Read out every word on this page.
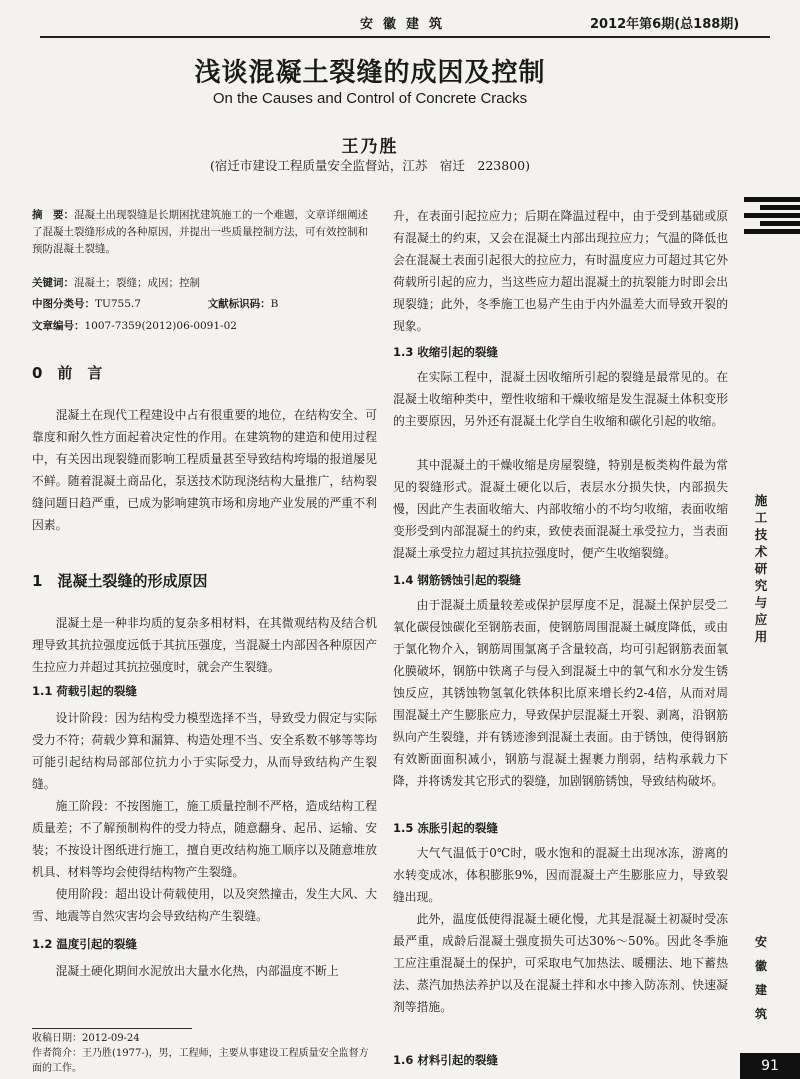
安徽建筑	2012年第6期(总188期)
浅谈混凝土裂缝的成因及控制
On the Causes and Control of Concrete Cracks
王乃胜
(宿迁市建设工程质量安全监督站，江苏　宿迁　223800)
摘　要：混凝土出现裂缝是长期困扰建筑施工的一个难题，文章详细阐述了混凝土裂缝形成的各种原因，并提出一些质量控制方法，可有效控制和预防混凝土裂缝。
关键词：混凝土；裂缝；成因；控制
中图分类号：TU755.7	文献标识码：B
文章编号：1007-7359(2012)06-0091-02
0　前　言
混凝土在现代工程建设中占有很重要的地位，在结构安全、可靠度和耐久性方面起着决定性的作用。在建筑物的建造和使用过程中，有关因出现裂缝而影响工程质量甚至导致结构垮塌的报道屡见不鲜。随着混凝土商品化，泵送技术防现浇结构大量推广，结构裂缝问题日趋严重，已成为影响建筑市场和房地产业发展的严重不利因素。
1　混凝土裂缝的形成原因
混凝土是一种非均质的复杂多相材料，在其微观结构及结合机理导致其抗拉强度远低于其抗压强度，当混凝土内部因各种原因产生拉应力并超过其抗拉强度时，就会产生裂缝。
1.1 荷载引起的裂缝
设计阶段：因为结构受力模型选择不当，导致受力假定与实际受力不符；荷载少算和漏算、构造处理不当、安全系数不够等等均可能引起结构局部部位抗力小于实际受力，从而导致结构产生裂缝。
施工阶段：不按图施工，施工质量控制不严格，造成结构工程质量差；不了解预制构件的受力特点，随意翻身、起吊、运输、安装；不按设计图纸进行施工，擅自更改结构施工顺序以及随意堆放机具、材料等均会使得结构物产生裂缝。
使用阶段：超出设计荷载使用，以及突然撞击，发生大风、大雪、地震等自然灾害均会导致结构产生裂缝。
1.2 温度引起的裂缝
混凝土硬化期间水泥放出大量水化热，内部温度不断上
收稿日期：2012-09-24
作者简介：王乃胜(1977-)，男，工程师，主要从事建设工程质量安全监督方面的工作。
升，在表面引起拉应力；后期在降温过程中，由于受到基础或原有混凝土的约束，又会在混凝土内部出现拉应力；气温的降低也会在混凝土表面引起很大的拉应力，有时温度应力可超过其它外荷载所引起的应力，当这些应力超出混凝土的抗裂能力时即会出现裂缝；此外，冬季施工也易产生由于内外温差大而导致开裂的现象。
1.3 收缩引起的裂缝
在实际工程中，混凝土因收缩所引起的裂缝是最常见的。在混凝土收缩种类中，塑性收缩和干燥收缩是发生混凝土体积变形的主要原因，另外还有混凝土化学自生收缩和碳化引起的收缩。
其中混凝土的干燥收缩是房屋裂缝，特别是板类构件最为常见的裂缝形式。混凝土硬化以后，表层水分损失快，内部损失慢，因此产生表面收缩大、内部收缩小的不均匀收缩，表面收缩变形受到内部混凝土的约束，致使表面混凝土承受拉力，当表面混凝土承受拉力超过其抗拉强度时，便产生收缩裂缝。
1.4 钢筋锈蚀引起的裂缝
由于混凝土质量较差或保护层厚度不足，混凝土保护层受二氧化碳侵蚀碳化至钢筋表面，使钢筋周围混凝土碱度降低，或由于氯化物介入，钢筋周围氯离子含量较高，均可引起钢筋表面氧化膜破坏，钢筋中铁离子与侵入到混凝土中的氧气和水分发生锈蚀反应，其锈蚀物氢氧化铁体积比原来增长约2-4倍，从而对周围混凝土产生膨胀应力，导致保护层混凝土开裂、剥离，沿钢筋纵向产生裂缝，并有锈迹渗到混凝土表面。由于锈蚀，使得钢筋有效断面面积减小，钢筋与混凝土握裹力削弱，结构承载力下降，并将诱发其它形式的裂缝，加剧钢筋锈蚀，导致结构破坏。
1.5 冻胀引起的裂缝
大气气温低于0℃时，吸水饱和的混凝土出现冰冻，游离的水转变成冰，体积膨胀9%，因而混凝土产生膨胀应力，导致裂缝出现。
此外，温度低使得混凝土硬化慢，尤其是混凝土初凝时受冻最严重，成龄后混凝土强度损失可达30%～50%。因此冬季施工应注重混凝土的保护，可采取电气加热法、暖棚法、地下蓄热法、蒸汽加热法养护以及在混凝土拌和水中掺入防冻剂、快速凝剂等措施。
1.6 材料引起的裂缝
施工技术研究与应用
安徽建筑
91
